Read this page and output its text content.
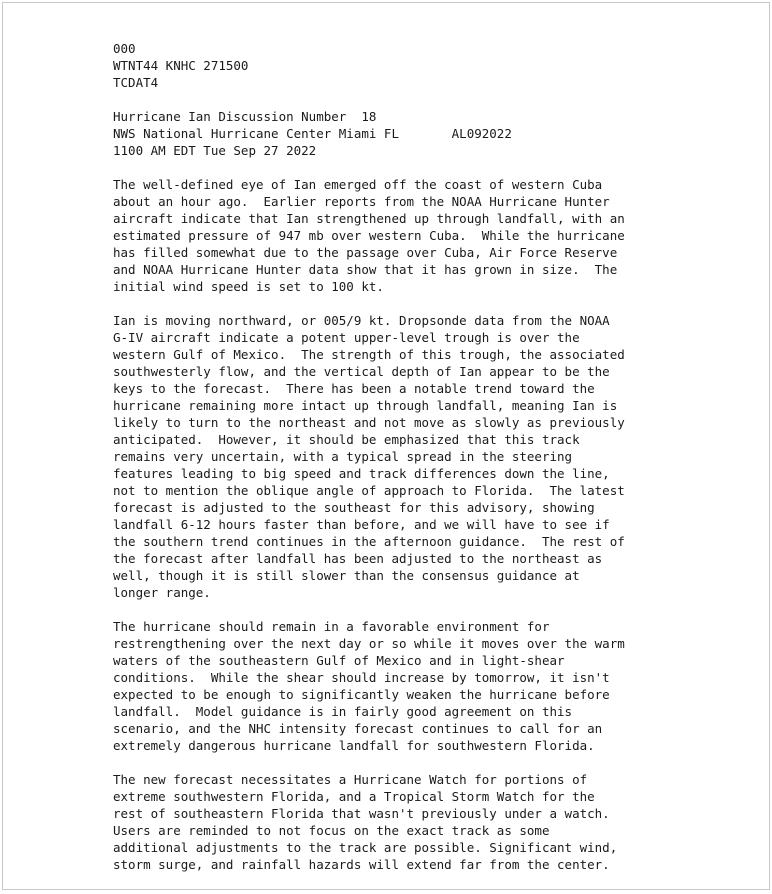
000
WTNT44 KNHC 271500
TCDAT4
Hurricane Ian Discussion Number  18
NWS National Hurricane Center Miami FL       AL092022
1100 AM EDT Tue Sep 27 2022
The well-defined eye of Ian emerged off the coast of western Cuba
about an hour ago.  Earlier reports from the NOAA Hurricane Hunter
aircraft indicate that Ian strengthened up through landfall, with an
estimated pressure of 947 mb over western Cuba.  While the hurricane
has filled somewhat due to the passage over Cuba, Air Force Reserve
and NOAA Hurricane Hunter data show that it has grown in size.  The
initial wind speed is set to 100 kt.
Ian is moving northward, or 005/9 kt. Dropsonde data from the NOAA
G-IV aircraft indicate a potent upper-level trough is over the
western Gulf of Mexico.  The strength of this trough, the associated
southwesterly flow, and the vertical depth of Ian appear to be the
keys to the forecast.  There has been a notable trend toward the
hurricane remaining more intact up through landfall, meaning Ian is
likely to turn to the northeast and not move as slowly as previously
anticipated.  However, it should be emphasized that this track
remains very uncertain, with a typical spread in the steering
features leading to big speed and track differences down the line,
not to mention the oblique angle of approach to Florida.  The latest
forecast is adjusted to the southeast for this advisory, showing
landfall 6-12 hours faster than before, and we will have to see if
the southern trend continues in the afternoon guidance.  The rest of
the forecast after landfall has been adjusted to the northeast as
well, though it is still slower than the consensus guidance at
longer range.
The hurricane should remain in a favorable environment for
restrengthening over the next day or so while it moves over the warm
waters of the southeastern Gulf of Mexico and in light-shear
conditions.  While the shear should increase by tomorrow, it isn't
expected to be enough to significantly weaken the hurricane before
landfall.  Model guidance is in fairly good agreement on this
scenario, and the NHC intensity forecast continues to call for an
extremely dangerous hurricane landfall for southwestern Florida.
The new forecast necessitates a Hurricane Watch for portions of
extreme southwestern Florida, and a Tropical Storm Watch for the
rest of southeastern Florida that wasn't previously under a watch.
Users are reminded to not focus on the exact track as some
additional adjustments to the track are possible. Significant wind,
storm surge, and rainfall hazards will extend far from the center.
